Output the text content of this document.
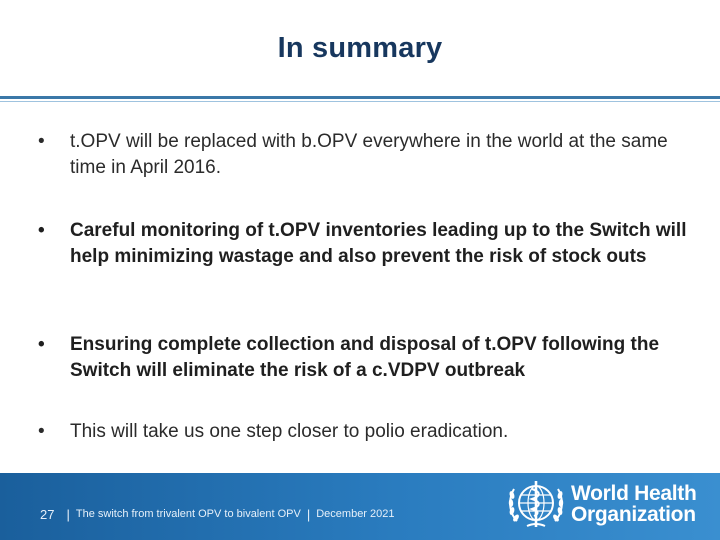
In summary
•	t.OPV will be replaced with b.OPV everywhere in the world at the same time in April 2016.
•	Careful monitoring of t.OPV inventories leading up to the Switch will help minimizing wastage and also prevent the risk of stock outs
•	Ensuring complete collection and disposal of t.OPV following the Switch will eliminate the risk of a c.VDPV outbreak
•	This will take us one step closer to polio eradication.
27 | The switch from trivalent OPV to bivalent OPV | December 2021
World Health
Organization
